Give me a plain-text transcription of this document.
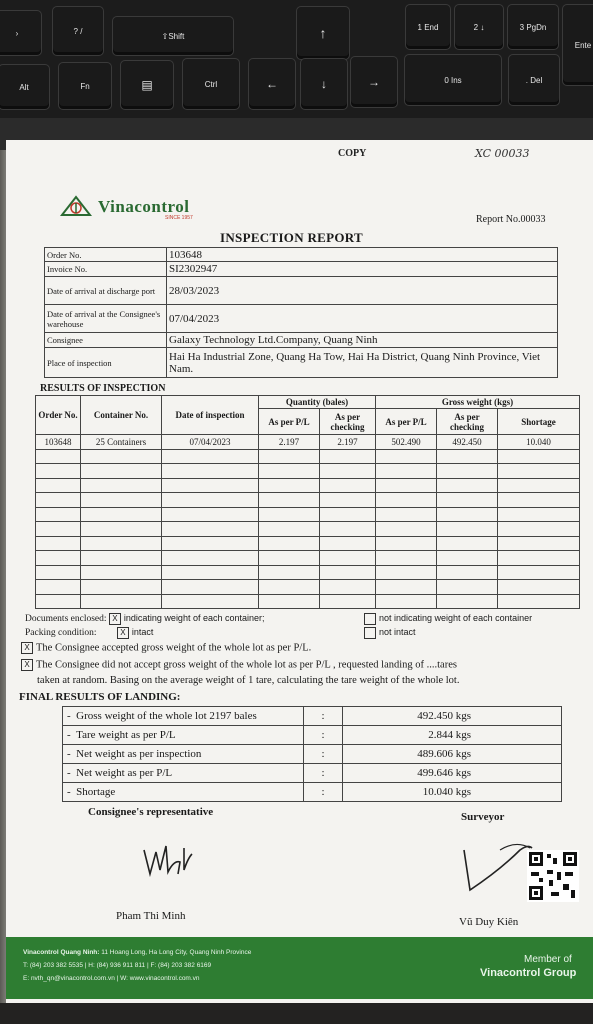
›	? /
⇧Shift	↑	1 End	2 ↓	3 PgDn
Ente
Alt	Fn	▤	Ctrl	←	↓	→	0 Ins	. Del
COPY	XC 00033
Vinacontrol
SINCE 1957	Report No.00033
INSPECTION REPORT
Order No.	103648
Invoice No.	SI2302947
Date of arrival at discharge port	28/03/2023
Date of arrival at the Consignee's warehouse	07/04/2023
Consignee	Galaxy Technology Ltd.Company, Quang Ninh
Place of inspection	Hai Ha Industrial Zone, Quang Ha Tow, Hai Ha District, Quang Ninh Province, Viet Nam.
RESULTS OF INSPECTION
Order No.	Container No.	Date of inspection	Quantity (bales)		Gross weight (kgs)		
			As per P/L	As per checking	As per P/L	As per checking	Shortage
103648	25 Containers	07/04/2023	2.197	2.197	502.490	492.450	10.040

Documents enclosed: X indicating weight of each container;	not indicating weight of each container
Packing condition:	X intact	not intact
X The Consignee accepted gross weight of the whole lot as per P/L.
X The Consignee did not accept gross weight of the whole lot as per P/L , requested landing of ....tares
taken at random. Basing on the average weight of 1 tare, calculating the tare weight of the whole lot.
FINAL RESULTS OF LANDING:
- Gross weight of the whole lot 2197 bales	:	492.450 kgs
- Tare weight as per P/L	:	2.844 kgs
- Net weight as per inspection	:	489.606 kgs
- Net weight as per P/L	:	499.646 kgs
- Shortage	:	10.040 kgs
Consignee's representative	Surveyor
Pham Thi Minh	Vũ Duy Kiên
Vinacontrol Quang Ninh: 11 Hoang Long, Ha Long City, Quang Ninh Province
T: (84) 203 382 5535 | H: (84) 936 911 811 | F: (84) 203 382 6169
E: nvth_qn@vinacontrol.com.vn | W: www.vinacontrol.com.vn
Member of
Vinacontrol Group
